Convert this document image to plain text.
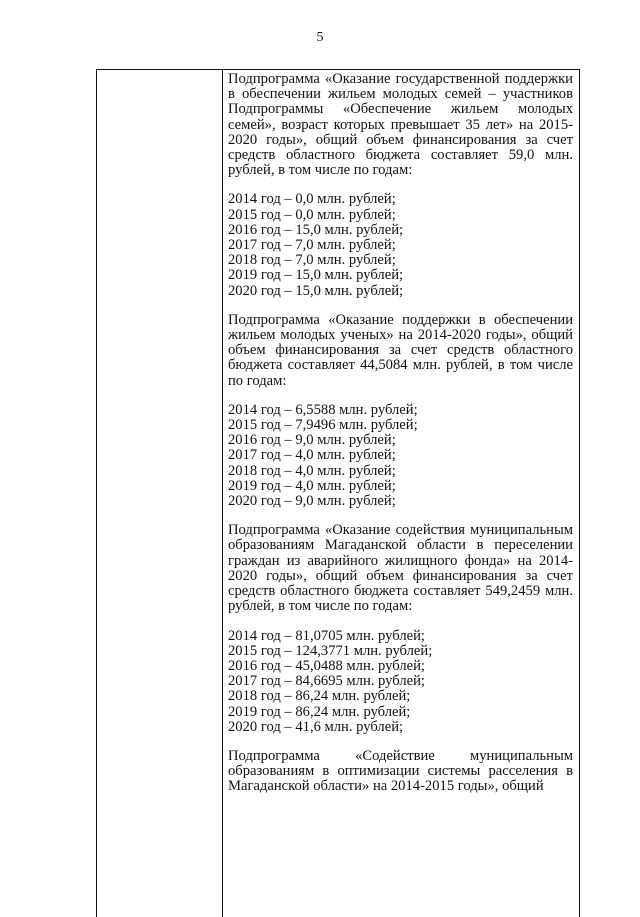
5

Подпрограмма «Оказание государственной поддержки в обеспечении жильем молодых семей – участников Подпрограммы «Обеспечение жильем молодых семей», возраст которых превышает 35 лет» на 2015-2020 годы», общий объем финансирования за счет средств областного бюджета составляет 59,0 млн. рублей, в том числе по годам:

2014 год – 0,0 млн. рублей;
2015 год – 0,0 млн. рублей;
2016 год – 15,0 млн. рублей;
2017 год – 7,0 млн. рублей;
2018 год – 7,0 млн. рублей;
2019 год – 15,0 млн. рублей;
2020 год – 15,0 млн. рублей;

Подпрограмма «Оказание поддержки в обеспечении жильем молодых ученых» на 2014-2020 годы», общий объем финансирования за счет средств областного бюджета составляет 44,5084 млн. рублей, в том числе по годам:

2014 год – 6,5588 млн. рублей;
2015 год – 7,9496 млн. рублей;
2016 год – 9,0 млн. рублей;
2017 год – 4,0 млн. рублей;
2018 год – 4,0 млн. рублей;
2019 год – 4,0 млн. рублей;
2020 год – 9,0 млн. рублей;

Подпрограмма «Оказание содействия муниципальным образованиям Магаданской области в переселении граждан из аварийного жилищного фонда» на 2014-2020 годы», общий объем финансирования за счет средств областного бюджета составляет 549,2459 млн. рублей, в том числе по годам:

2014 год – 81,0705 млн. рублей;
2015 год – 124,3771 млн. рублей;
2016 год – 45,0488 млн. рублей;
2017 год – 84,6695 млн. рублей;
2018 год – 86,24 млн. рублей;
2019 год – 86,24 млн. рублей;
2020 год – 41,6 млн. рублей;

Подпрограмма «Содействие муниципальным образованиям в оптимизации системы расселения в Магаданской области» на 2014-2015 годы», общий
